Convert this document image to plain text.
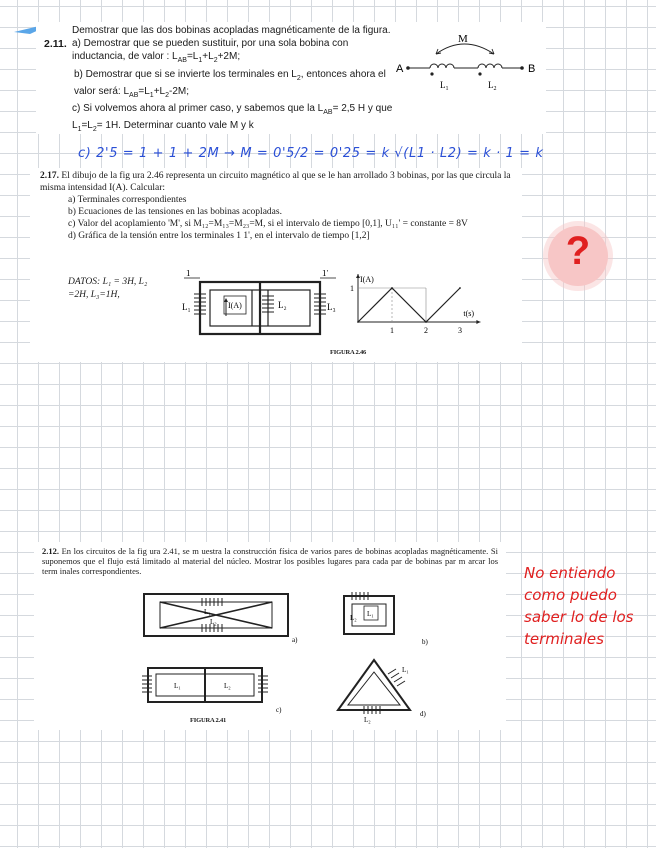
2.11.
Demostrar que las dos bobinas acopladas magnéticamente de la figura.
a) Demostrar que se pueden sustituir, por una sola bobina con inductancia, de valor : $L_{AB}=L_1+L_2+2M$;
b) Demostrar que si se invierte los terminales en $L_2$, entonces ahora el valor será: $L_{AB}=L_1+L_2-2M$;
c) Si volvemos ahora al primer caso, y sabemos que la $L_{AB}= 2,5$ H y que $L_1=L_2= 1H$. Determinar cuanto vale M y k
M
A	B
$L_1$	$L_2$
c) 2'5 = 1 + 1 + 2M → M = 0'5/2 = 0'25 = k √(L1 · L2) = k · 1 = k
2.17. El dibujo de la fig ura 2.46 representa un circuito magnético al que se le han arrollado 3 bobinas, por las que circula la misma intensidad I(A). Calcular:
a) Terminales correspondientes
b) Ecuaciones de las tensiones en las bobinas acopladas.
c) Valor del acoplamiento 'M', si M₁₂=M₁₃=M₂₃=M, si el intervalo de tiempo [0,1], U₁₁' = constante = 8V
d) Gráfica de la tensión entre los terminales 1 1', en el intervalo de tiempo [1,2]
DATOS: L₁ = 3H, L₂ =2H, L₃=1H,
1	1'
L₁	L₂	L₃
I(A)
1	2	3
1
I(A)
t(s)
FIGURA 2.46
?
2.12. En los circuitos de la fig ura 2.41, se m uestra la construcción física de varios pares de bobinas acopladas magnéticamente. Si suponemos que el flujo está limitado al material del núcleo. Mostrar los posibles lugares para cada par de bobinas par m arcar los term inales correspondientes.
L₁
L₂
a)
L₁
L₂
b)
L₁	L₂
c)
L₁
L₂
d)
FIGURA 2.41
No entiendo
como puedo
saber lo de los
terminales
